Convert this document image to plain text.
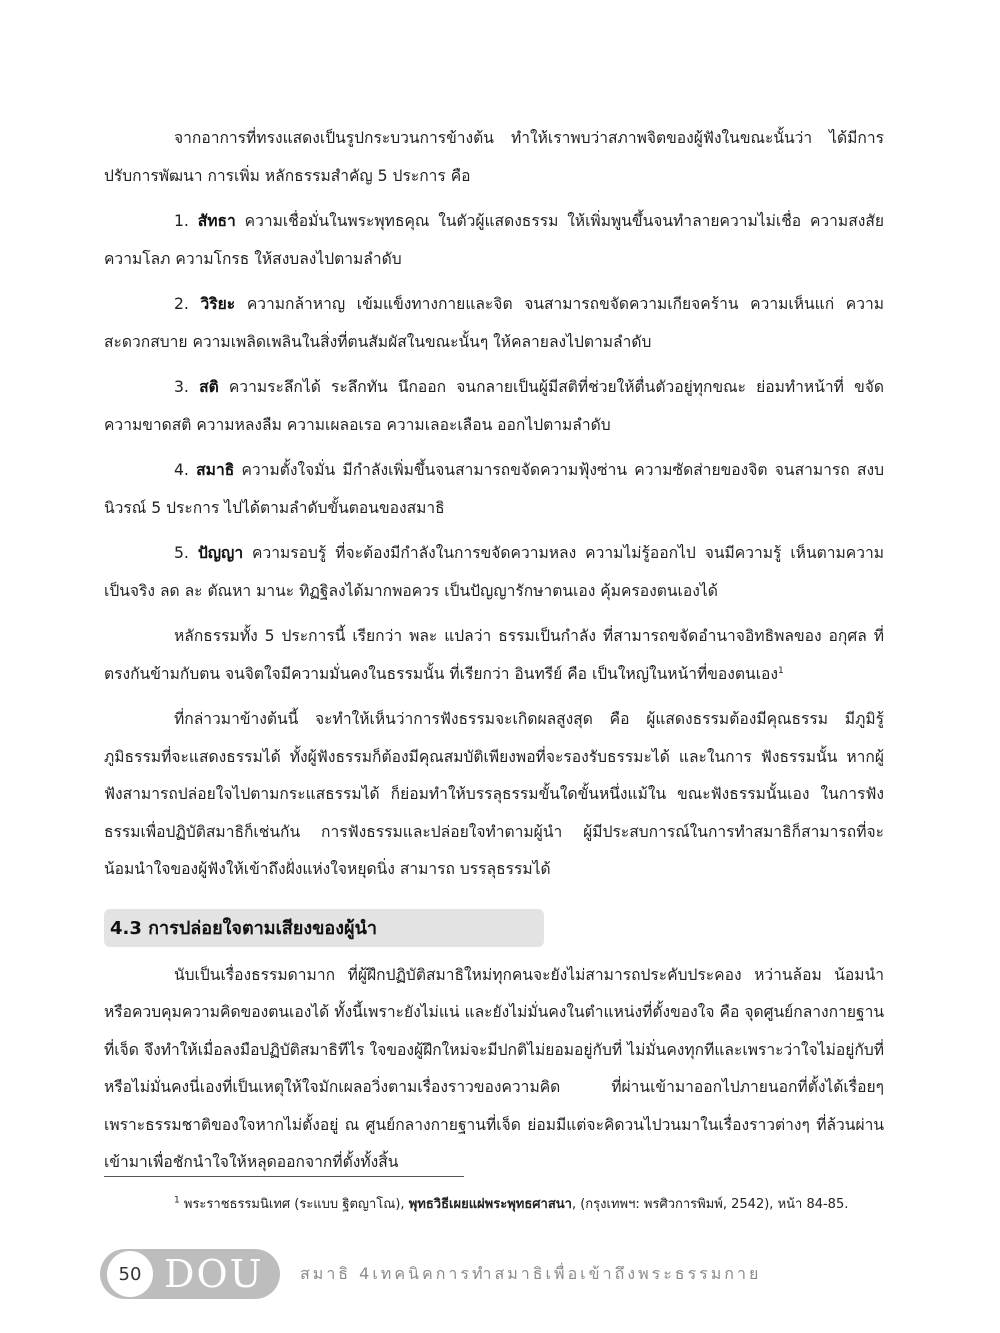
จากอาการที่ทรงแสดงเป็นรูปกระบวนการข้างต้น ทำให้เราพบว่าสภาพจิตของผู้ฟังในขณะนั้นว่า ได้มีการปรับการพัฒนา การเพิ่ม หลักธรรมสำคัญ 5 ประการ คือ

1. สัทธา ความเชื่อมั่นในพระพุทธคุณ ในตัวผู้แสดงธรรม ให้เพิ่มพูนขึ้นจนทำลายความไม่เชื่อ ความสงสัย ความโลภ ความโกรธ ให้สงบลงไปตามลำดับ

2. วิริยะ ความกล้าหาญ เข้มแข็งทางกายและจิต จนสามารถขจัดความเกียจคร้าน ความเห็นแก่ ความสะดวกสบาย ความเพลิดเพลินในสิ่งที่ตนสัมผัสในขณะนั้นๆ ให้คลายลงไปตามลำดับ

3. สติ ความระลึกได้ ระลึกทัน นึกออก จนกลายเป็นผู้มีสติที่ช่วยให้ตื่นตัวอยู่ทุกขณะ ย่อมทำหน้าที่ ขจัดความขาดสติ ความหลงลืม ความเผลอเรอ ความเลอะเลือน ออกไปตามลำดับ

4. สมาธิ ความตั้งใจมั่น มีกำลังเพิ่มขึ้นจนสามารถขจัดความฟุ้งซ่าน ความซัดส่ายของจิต จนสามารถ สงบนิวรณ์ 5 ประการ ไปได้ตามลำดับขั้นตอนของสมาธิ

5. ปัญญา ความรอบรู้ ที่จะต้องมีกำลังในการขจัดความหลง ความไม่รู้ออกไป จนมีความรู้ เห็นตามความเป็นจริง ลด ละ ตัณหา มานะ ทิฏฐิลงได้มากพอควร เป็นปัญญารักษาตนเอง คุ้มครองตนเองได้

หลักธรรมทั้ง 5 ประการนี้ เรียกว่า พละ แปลว่า ธรรมเป็นกำลัง ที่สามารถขจัดอำนาจอิทธิพลของ อกุศล ที่ตรงกันข้ามกับตน จนจิตใจมีความมั่นคงในธรรมนั้น ที่เรียกว่า อินทรีย์ คือ เป็นใหญ่ในหน้าที่ของตนเอง$^1$

ที่กล่าวมาข้างต้นนี้ จะทำให้เห็นว่าการฟังธรรมจะเกิดผลสูงสุด คือ ผู้แสดงธรรมต้องมีคุณธรรม มีภูมิรู้ภูมิธรรมที่จะแสดงธรรมได้ ทั้งผู้ฟังธรรมก็ต้องมีคุณสมบัติเพียงพอที่จะรองรับธรรมะได้ และในการ ฟังธรรมนั้น หากผู้ฟังสามารถปล่อยใจไปตามกระแสธรรมได้ ก็ย่อมทำให้บรรลุธรรมขั้นใดขั้นหนึ่งแม้ใน ขณะฟังธรรมนั้นเอง ในการฟังธรรมเพื่อปฏิบัติสมาธิก็เช่นกัน การฟังธรรมและปล่อยใจทำตามผู้นำ ผู้มีประสบการณ์ในการทำสมาธิก็สามารถที่จะน้อมนำใจของผู้ฟังให้เข้าถึงฝั่งแห่งใจหยุดนิ่ง สามารถ บรรลุธรรมได้

4.3 การปล่อยใจตามเสียงของผู้นำ

นับเป็นเรื่องธรรมดามาก ที่ผู้ฝึกปฏิบัติสมาธิใหม่ทุกคนจะยังไม่สามารถประคับประคอง หว่านล้อม น้อมนำ หรือควบคุมความคิดของตนเองได้ ทั้งนี้เพราะยังไม่แน่ และยังไม่มั่นคงในตำแหน่งที่ตั้งของใจ คือ จุดศูนย์กลางกายฐานที่เจ็ด จึงทำให้เมื่อลงมือปฏิบัติสมาธิทีไร ใจของผู้ฝึกใหม่จะมีปกติไม่ยอมอยู่กับที่ ไม่มั่นคงทุกทีและเพราะว่าใจไม่อยู่กับที่หรือไม่มั่นคงนี่เองที่เป็นเหตุให้ใจมักเผลอวิ่งตามเรื่องราวของความคิด ที่ผ่านเข้ามาออกไปภายนอกที่ตั้งได้เรื่อยๆ เพราะธรรมชาติของใจหากไม่ตั้งอยู่ ณ ศูนย์กลางกายฐานที่เจ็ด ย่อมมีแต่จะคิดวนไปวนมาในเรื่องราวต่างๆ ที่ล้วนผ่านเข้ามาเพื่อชักนำใจให้หลุดออกจากที่ตั้งทั้งสิ้น

$^1$ พระราชธรรมนิเทศ (ระแบบ ฐิตญาโณ), พุทธวิธีเผยแผ่พระพุทธศาสนา, (กรุงเทพฯ: พรศิวการพิมพ์, 2542), หน้า 84-85.
50 DOU สมาธิ 4เทคนิคการทำสมาธิเพื่อเข้าถึงพระธรรมกาย
